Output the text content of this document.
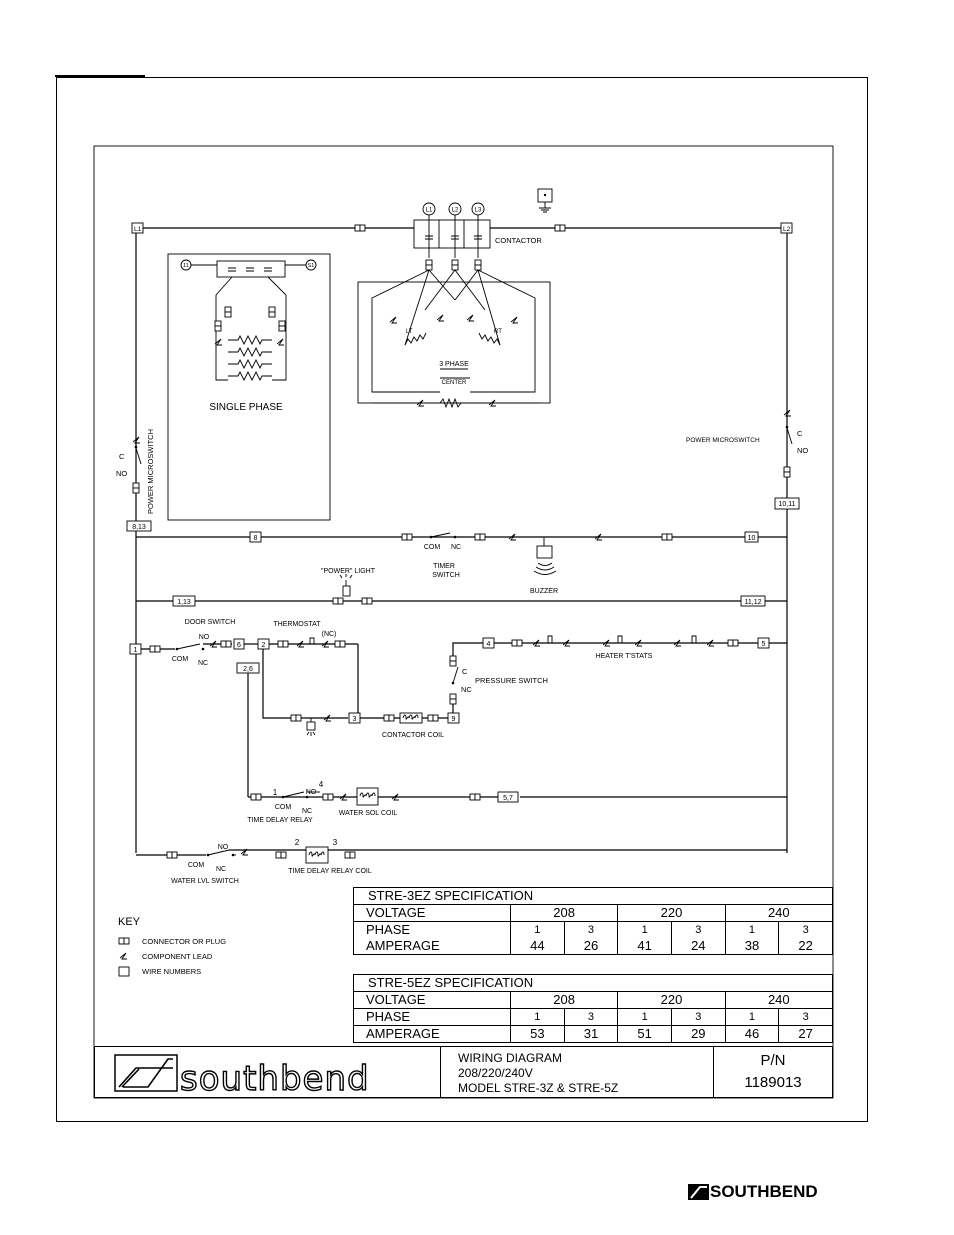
L1	L2
L1	L2	L3
CONTACTOR
LT	RT
3 PHASE
CENTER
11	S1
SINGLE PHASE
C
NO	POWER MICROSWITCH
8,13
C
NO
POWER MICROSWITCH
10,11
8
COM NC
TIMER
SWITCH
BUZZER
10
1,13
"POWER" LIGHT
11,12
1
COM
NC
NO
DOOR SWITCH
6	2
THERMOSTAT
(NC)
2,6
3
CONTACTOR COIL
9
C
NC
PRESSURE SWITCH
4
HEATER T'STATS
5
1
4
NO
COM
NC
TIME DELAY RELAY
WATER SOL COIL
5,7
COM
NC
NO
WATER LVL SWITCH
2	3
TIME DELAY RELAY COIL
KEY
CONNECTOR OR PLUG
COMPONENT LEAD
WIRE NUMBERS
southbend
STRE-3EZ SPECIFICATION						
VOLTAGE	208		220		240	
PHASE	1	3	1	3	1	3
AMPERAGE	44	26	41	24	38	22
STRE-5EZ SPECIFICATION						
VOLTAGE	208		220		240	
PHASE	1	3	1	3	1	3
AMPERAGE	53	31	51	29	46	27
WIRING DIAGRAM
208/220/240V
MODEL STRE-3Z & STRE-5Z
P/N
1189013
SOUTHBEND
